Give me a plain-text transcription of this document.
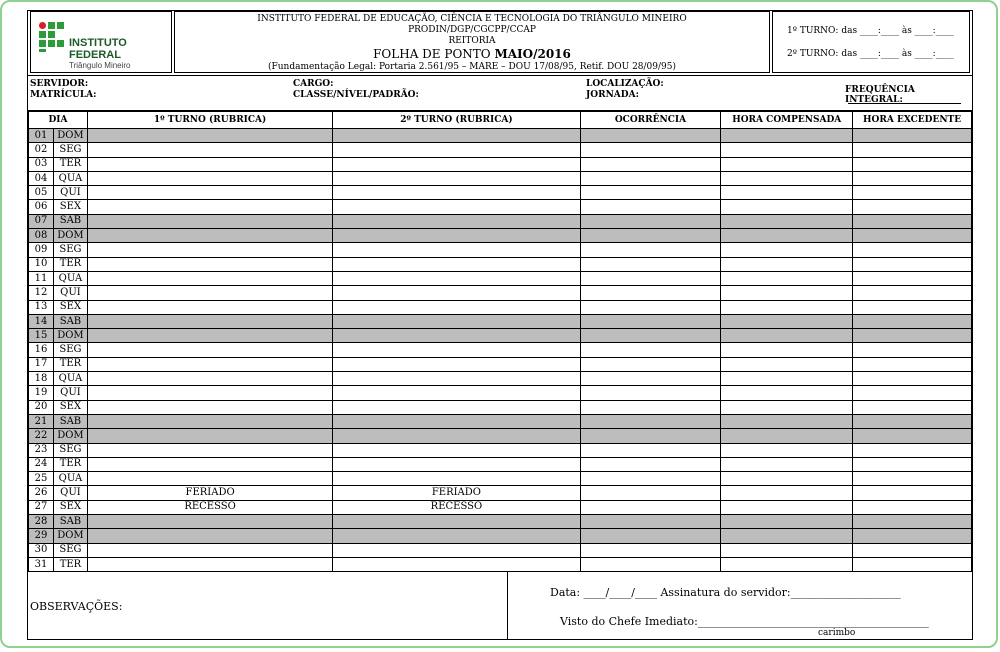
INSTITUTO FEDERAL
Triângulo Mineiro
INSTITUTO FEDERAL DE EDUCAÇÃO, CIÊNCIA E TECNOLOGIA DO TRIÂNGULO MINEIRO
PRODIN/DGP/CGCPP/CCAP
REITORIA
FOLHA DE PONTO MAIO/2016
(Fundamentação Legal: Portaria 2.561/95 – MARE – DOU 17/08/95, Retif. DOU 28/09/95)
1º TURNO: das ____:____ às ____:____
2º TURNO: das ____:____ às ____:____
SERVIDOR:
MATRÍCULA:
CARGO:
CLASSE/NÍVEL/PADRÃO:
LOCALIZAÇÃO:
JORNADA:	FREQUÊNCIA INTEGRAL:
DIA		1º TURNO (RUBRICA)	2º TURNO (RUBRICA)	OCORRÊNCIA	HORA COMPENSADA	HORA EXCEDENTE
01	DOM					
02	SEG					
03	TER					
04	QUA					
05	QUI					
06	SEX					
07	SAB					
08	DOM					
09	SEG					
10	TER					
11	QUA					
12	QUI					
13	SEX					
14	SAB					
15	DOM					
16	SEG					
17	TER					
18	QUA					
19	QUI					
20	SEX					
21	SAB					
22	DOM					
23	SEG					
24	TER					
25	QUA					
26	QUI	FERIADO	FERIADO			
27	SEX	RECESSO	RECESSO			
28	SAB					
29	DOM					
30	SEG					
31	TER					
OBSERVAÇÕES:
Data: ____/____/____ Assinatura do servidor:____________________
Visto do Chefe Imediato:__________________________________________
carimbo
